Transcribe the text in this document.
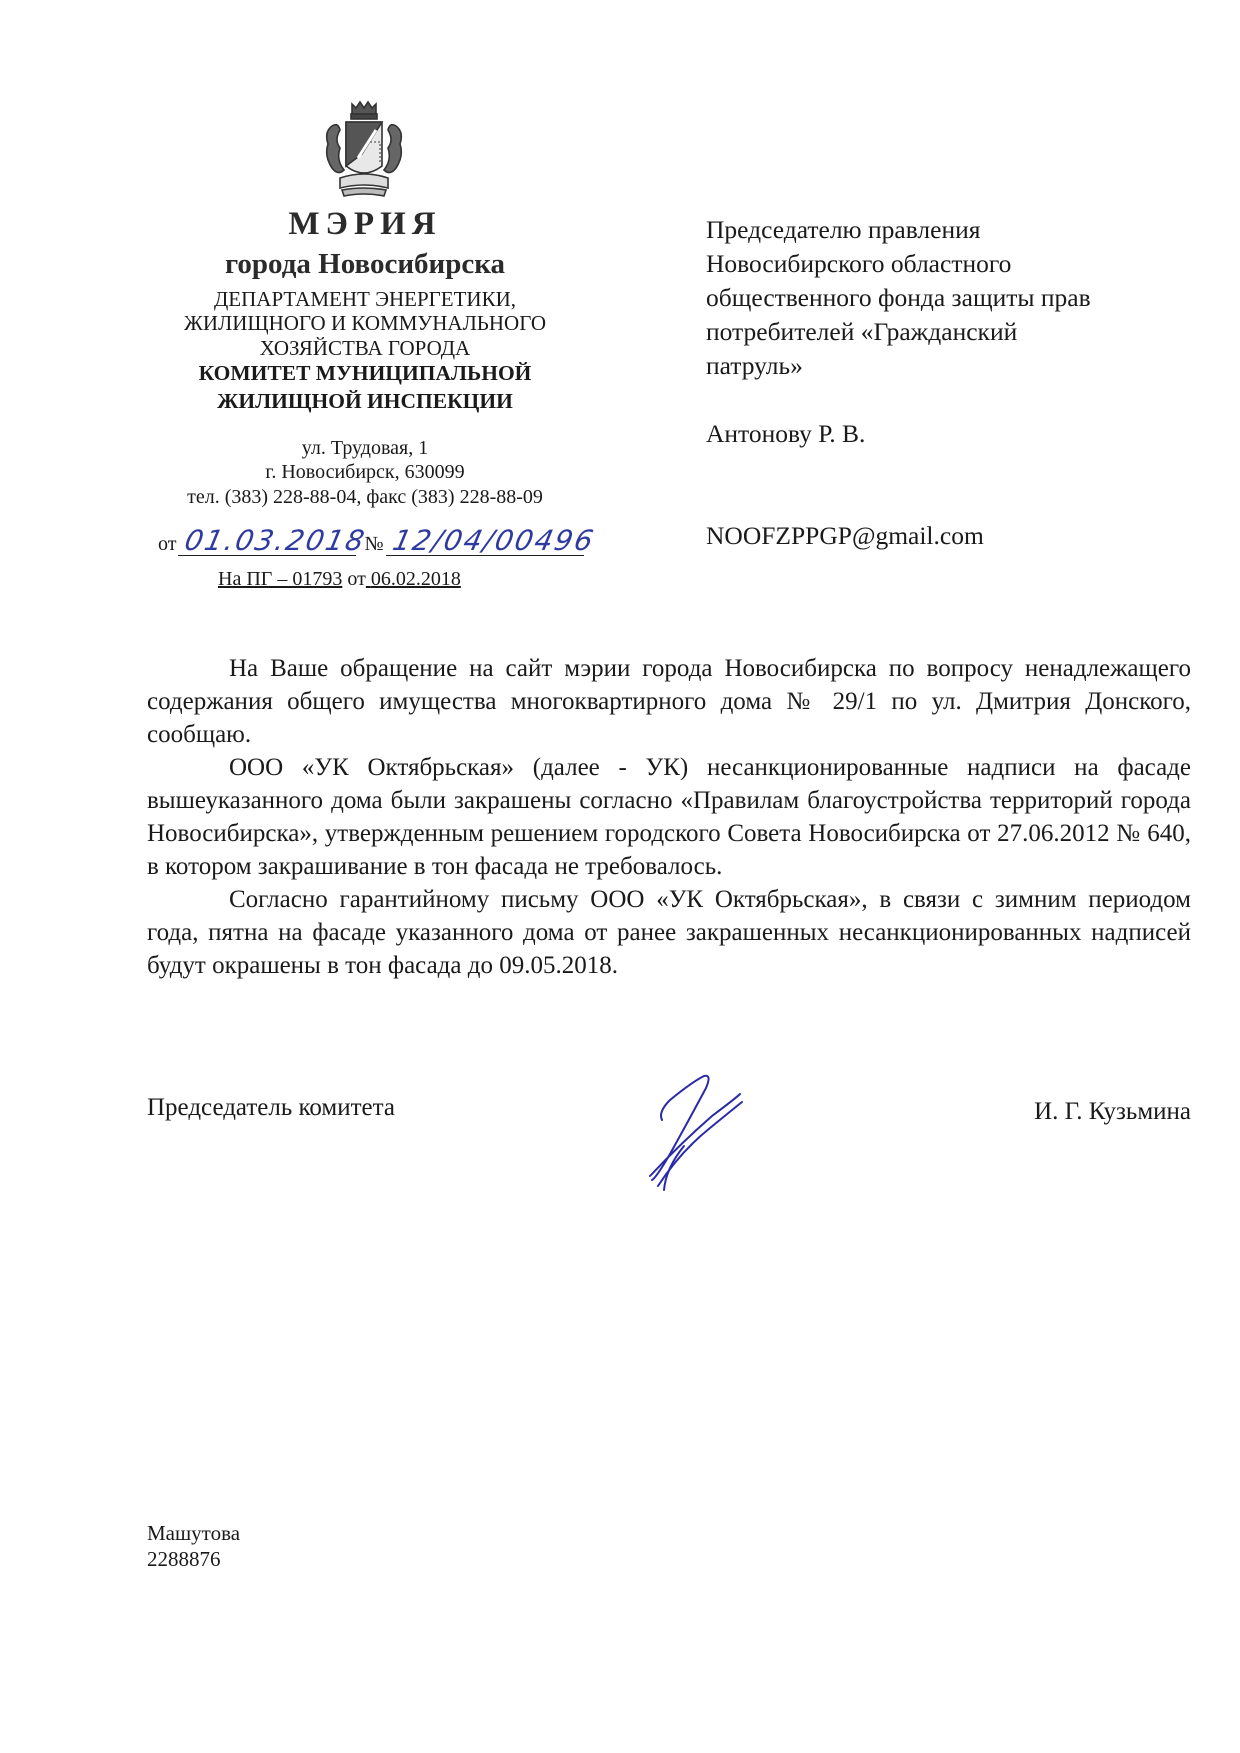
МЭРИЯ
города Новосибирска
ДЕПАРТАМЕНТ ЭНЕРГЕТИКИ,
ЖИЛИЩНОГО И КОММУНАЛЬНОГО
ХОЗЯЙСТВА ГОРОДА
КОМИТЕТ МУНИЦИПАЛЬНОЙ
ЖИЛИЩНОЙ ИНСПЕКЦИИ
ул. Трудовая, 1
г. Новосибирск, 630099
тел. (383) 228-88-04, факс (383) 228-88-09
от 01.03.2018 № 12/04/00496
На ПГ – 01793 от 06.02.2018
Председателю правления
Новосибирского областного
общественного фонда защиты прав
потребителей «Гражданский
патруль»
Антонову Р. В.
NOOFZPPGP@gmail.com

На Ваше обращение на сайт мэрии города Новосибирска по вопросу ненадлежащего содержания общего имущества многоквартирного дома № 29/1 по ул. Дмитрия Донского, сообщаю.

ООО «УК Октябрьская» (далее - УК) несанкционированные надписи на фасаде вышеуказанного дома были закрашены согласно «Правилам благоустройства территорий города Новосибирска», утвержденным решением городского Совета Новосибирска от 27.06.2012 № 640, в котором закрашивание в тон фасада не требовалось.

Согласно гарантийному письму ООО «УК Октябрьская», в связи с зимним периодом года, пятна на фасаде указанного дома от ранее закрашенных несанкционированных надписей будут окрашены в тон фасада до 09.05.2018.

Председатель комитета	И. Г. Кузьмина
Машутова
2288876
